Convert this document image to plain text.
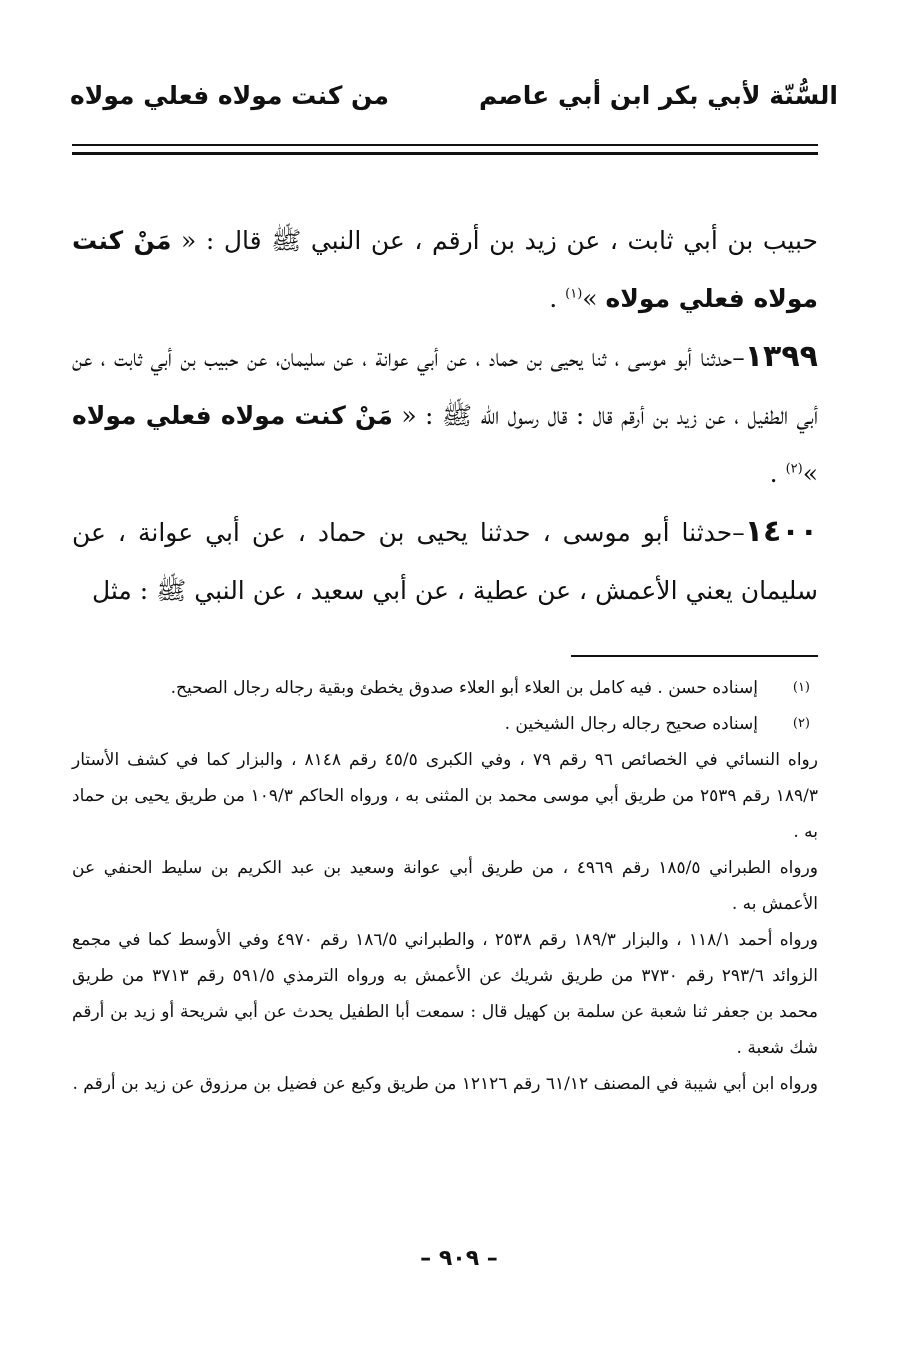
السُّنّة لأبي بكر ابن أبي عاصم
من كنت مولاه فعلي مولاه

حبيب بن أبي ثابت ، عن زيد بن أرقم ، عن النبي ﷺ قال : « مَنْ كنت مولاه فعلي مولاه »$^{(١)}$ .

١٣٩٩–حدثنا أبو موسى ، ثنا يحيى بن حماد ، عن أبي عوانة ، عن سليمان، عن حبيب بن أبي ثابت ، عن أبي الطفيل ، عن زيد بن أرقم قال : قال رسول الله ﷺ : « مَنْ كنت مولاه فعلي مولاه »$^{(٢)}$ .

١٤٠٠–حدثنا أبو موسى ، حدثنا يحيى بن حماد ، عن أبي عوانة ، عن سليمان يعني الأعمش ، عن عطية ، عن أبي سعيد ، عن النبي ﷺ : مثل

(١)
إسناده حسن . فيه كامل بن العلاء أبو العلاء صدوق يخطئ وبقية رجاله رجال الصحيح.
(٢)
إسناده صحيح رجاله رجال الشيخين .

رواه النسائي في الخصائص ٩٦ رقم ٧٩ ، وفي الكبرى ٤٥/٥ رقم ٨١٤٨ ، والبزار كما في كشف الأستار ١٨٩/٣ رقم ٢٥٣٩ من طريق أبي موسى محمد بن المثنى به ، ورواه الحاكم ١٠٩/٣ من طريق يحيى بن حماد به .

ورواه الطبراني ١٨٥/٥ رقم ٤٩٦٩ ، من طريق أبي عوانة وسعيد بن عبد الكريم بن سليط الحنفي عن الأعمش به .

ورواه أحمد ١١٨/١ ، والبزار ١٨٩/٣ رقم ٢٥٣٨ ، والطبراني ١٨٦/٥ رقم ٤٩٧٠ وفي الأوسط كما في مجمع الزوائد ٢٩٣/٦ رقم ٣٧٣٠ من طريق شريك عن الأعمش به ورواه الترمذي ٥٩١/٥ رقم ٣٧١٣ من طريق محمد بن جعفر ثنا شعبة عن سلمة بن كهيل قال : سمعت أبا الطفيل يحدث عن أبي شريحة أو زيد بن أرقم شك شعبة .

ورواه ابن أبي شيبة في المصنف ٦١/١٢ رقم ١٢١٢٦ من طريق وكيع عن فضيل بن مرزوق عن زيد بن أرقم .

– ٩٠٩ –
